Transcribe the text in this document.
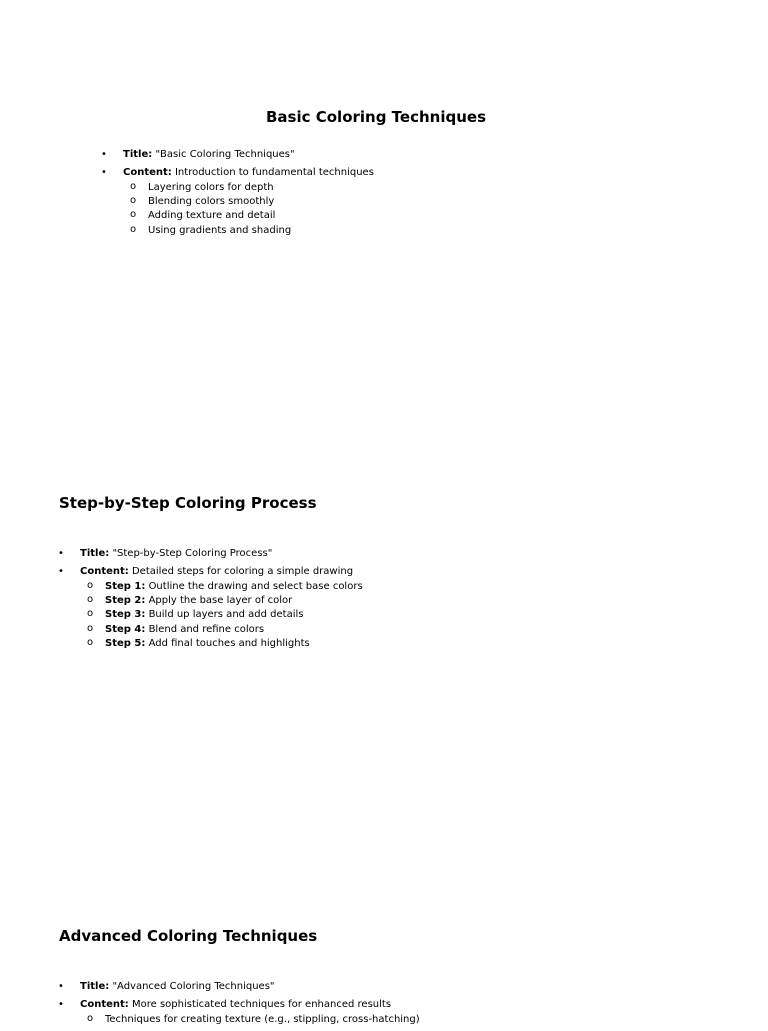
Basic Coloring Techniques
• Title: "Basic Coloring Techniques"
• Content: Introduction to fundamental techniques
o Layering colors for depth
o Blending colors smoothly
o Adding texture and detail
o Using gradients and shading
Step-by-Step Coloring Process
• Title: "Step-by-Step Coloring Process"
• Content: Detailed steps for coloring a simple drawing
o Step 1: Outline the drawing and select base colors
o Step 2: Apply the base layer of color
o Step 3: Build up layers and add details
o Step 4: Blend and refine colors
o Step 5: Add final touches and highlights
Advanced Coloring Techniques
• Title: "Advanced Coloring Techniques"
• Content: More sophisticated techniques for enhanced results
o Techniques for creating texture (e.g., stippling, cross-hatching)
